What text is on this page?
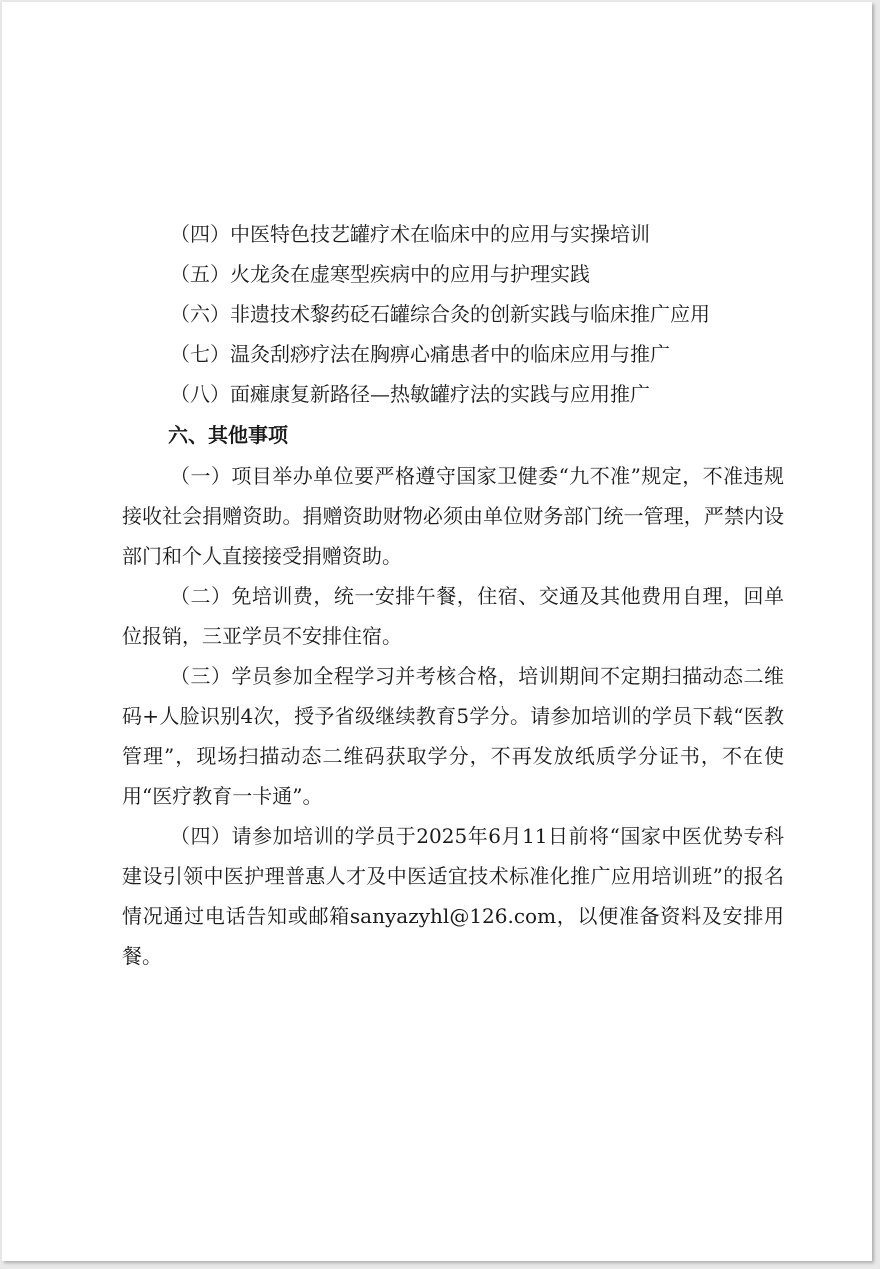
（四）中医特色技艺罐疗术在临床中的应用与实操培训

（五）火龙灸在虚寒型疾病中的应用与护理实践

（六）非遗技术黎药砭石罐综合灸的创新实践与临床推广应用

（七）温灸刮痧疗法在胸痹心痛患者中的临床应用与推广

（八）面瘫康复新路径—热敏罐疗法的实践与应用推广

六、其他事项

（一）项目举办单位要严格遵守国家卫健委“九不准”规定，不准违规接收社会捐赠资助。捐赠资助财物必须由单位财务部门统一管理，严禁内设部门和个人直接接受捐赠资助。

（二）免培训费，统一安排午餐，住宿、交通及其他费用自理，回单位报销，三亚学员不安排住宿。

（三）学员参加全程学习并考核合格，培训期间不定期扫描动态二维码+人脸识别4次，授予省级继续教育5学分。请参加培训的学员下载“医教管理”，现场扫描动态二维码获取学分，不再发放纸质学分证书，不在使用“医疗教育一卡通”。

（四）请参加培训的学员于2025年6月11日前将“国家中医优势专科建设引领中医护理普惠人才及中医适宜技术标准化推广应用培训班”的报名情况通过电话告知或邮箱sanyazyhl@126.com，以便准备资料及安排用餐。
